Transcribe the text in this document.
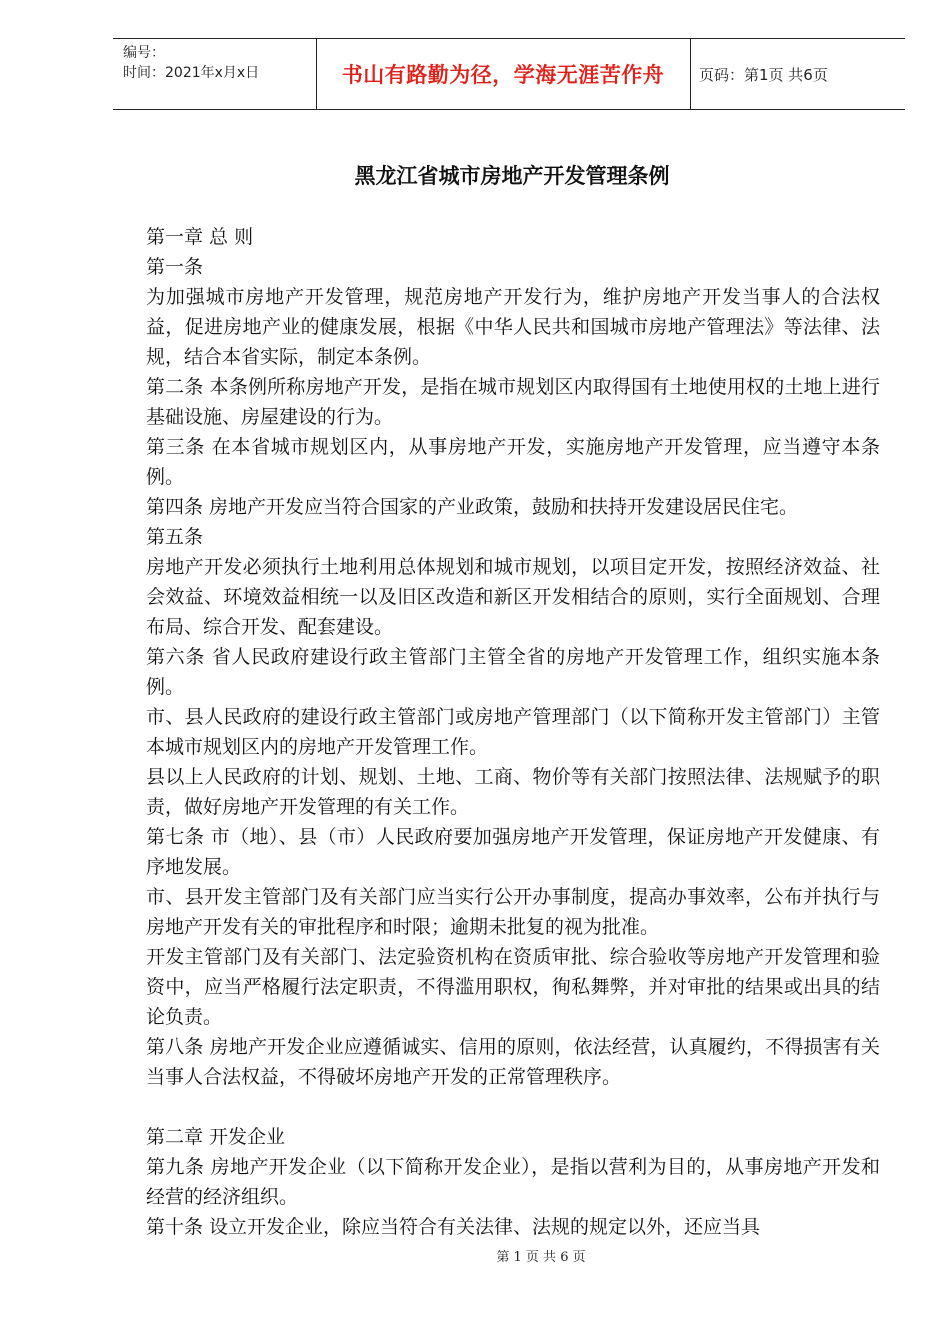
编号：
时间：2021年x月x日	书山有路勤为径，学海无涯苦作舟	页码：第1页 共6页
黑龙江省城市房地产开发管理条例

第一章 总 则

第一条

为加强城市房地产开发管理，规范房地产开发行为，维护房地产开发当事人的合法权益，促进房地产业的健康发展，根据《中华人民共和国城市房地产管理法》等法律、法规，结合本省实际，制定本条例。

第二条 本条例所称房地产开发，是指在城市规划区内取得国有土地使用权的土地上进行基础设施、房屋建设的行为。

第三条 在本省城市规划区内，从事房地产开发，实施房地产开发管理，应当遵守本条例。

第四条 房地产开发应当符合国家的产业政策，鼓励和扶持开发建设居民住宅。

第五条

房地产开发必须执行土地利用总体规划和城市规划，以项目定开发，按照经济效益、社会效益、环境效益相统一以及旧区改造和新区开发相结合的原则，实行全面规划、合理布局、综合开发、配套建设。

第六条 省人民政府建设行政主管部门主管全省的房地产开发管理工作，组织实施本条例。

市、县人民政府的建设行政主管部门或房地产管理部门（以下简称开发主管部门）主管本城市规划区内的房地产开发管理工作。

县以上人民政府的计划、规划、土地、工商、物价等有关部门按照法律、法规赋予的职责，做好房地产开发管理的有关工作。

第七条 市（地）、县（市）人民政府要加强房地产开发管理，保证房地产开发健康、有序地发展。

市、县开发主管部门及有关部门应当实行公开办事制度，提高办事效率，公布并执行与房地产开发有关的审批程序和时限；逾期未批复的视为批准。

开发主管部门及有关部门、法定验资机构在资质审批、综合验收等房地产开发管理和验资中，应当严格履行法定职责，不得滥用职权，徇私舞弊，并对审批的结果或出具的结论负责。

第八条 房地产开发企业应遵循诚实、信用的原则，依法经营，认真履约，不得损害有关当事人合法权益，不得破坏房地产开发的正常管理秩序。

第二章 开发企业

第九条 房地产开发企业（以下简称开发企业），是指以营利为目的，从事房地产开发和经营的经济组织。

第十条 设立开发企业，除应当符合有关法律、法规的规定以外，还应当具

第 1 页 共 6 页
